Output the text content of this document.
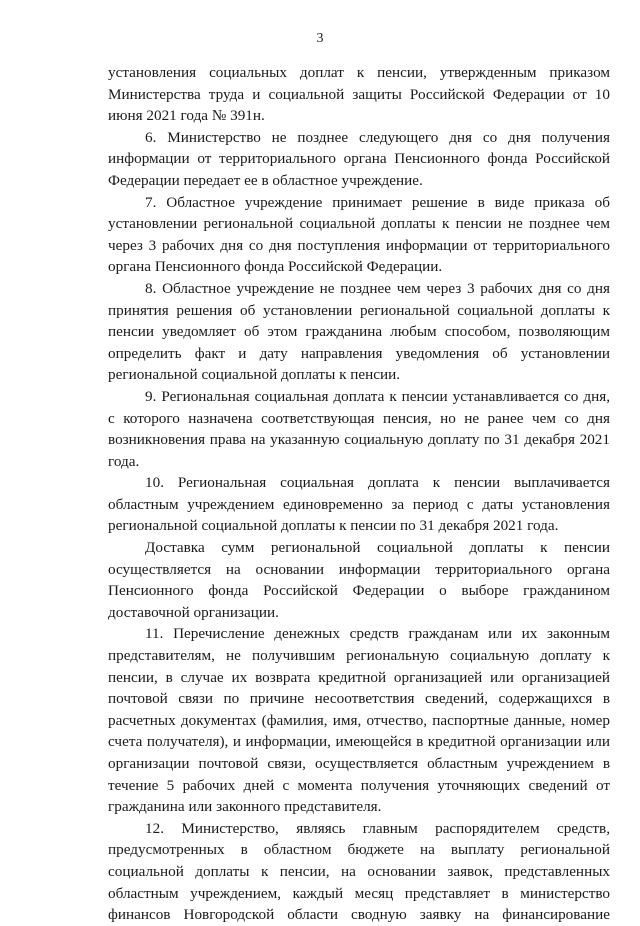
3

установления социальных доплат к пенсии, утвержденным приказом Министерства труда и социальной защиты Российской Федерации от 10 июня 2021 года № 391н.

6. Министерство не позднее следующего дня со дня получения информации от территориального органа Пенсионного фонда Российской Федерации передает ее в областное учреждение.

7. Областное учреждение принимает решение в виде приказа об установлении региональной социальной доплаты к пенсии не позднее чем через 3 рабочих дня со дня поступления информации от территориального органа Пенсионного фонда Российской Федерации.

8. Областное учреждение не позднее чем через 3 рабочих дня со дня принятия решения об установлении региональной социальной доплаты к пенсии уведомляет об этом гражданина любым способом, позволяющим определить факт и дату направления уведомления об установлении региональной социальной доплаты к пенсии.

9. Региональная социальная доплата к пенсии устанавливается со дня, с которого назначена соответствующая пенсия, но не ранее чем со дня возникновения права на указанную социальную доплату по 31 декабря 2021 года.

10. Региональная социальная доплата к пенсии выплачивается областным учреждением единовременно за период с даты установления региональной социальной доплаты к пенсии по 31 декабря 2021 года.

Доставка сумм региональной социальной доплаты к пенсии осуществляется на основании информации территориального органа Пенсионного фонда Российской Федерации о выборе гражданином доставочной организации.

11. Перечисление денежных средств гражданам или их законным представителям, не получившим региональную социальную доплату к пенсии, в случае их возврата кредитной организацией или организацией почтовой связи по причине несоответствия сведений, содержащихся в расчетных документах (фамилия, имя, отчество, паспортные данные, номер счета получателя), и информации, имеющейся в кредитной организации или организации почтовой связи, осуществляется областным учреждением в течение 5 рабочих дней с момента получения уточняющих сведений от гражданина или законного представителя.

12. Министерство, являясь главным распорядителем средств, предусмотренных в областном бюджете на выплату региональной социальной доплаты к пенсии, на основании заявок, представленных областным учреждением, каждый месяц представляет в министерство финансов Новгородской области сводную заявку на финансирование
